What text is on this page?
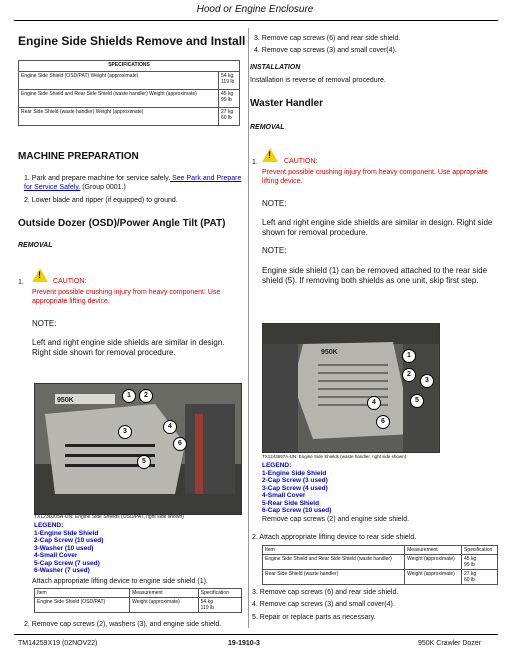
Hood or Engine Enclosure
Engine Side Shields Remove and Install
SPECIFICATIONS	
Engine Side Shield (OSD/PAT) Weight (approximate)	54 kg
119 lb
Engine Side Shield and Rear Side Shield (waste handler) Weight (approximate)	45 kg
99 lb
Rear Side Shield (waste handler) Weight (approximate)	27 kg
60 lb
MACHINE PREPARATION
1. Park and prepare machine for service safely. See Park and Prepare for Service Safely. (Group 0001.)
2. Lower blade and ripper (if equipped) to ground.
Outside Dozer (OSD)/Power Angle Tilt (PAT)
REMOVAL
1.
!
CAUTION:
Prevent possible crushing injury from heavy component. Use appropriate lifting device.
NOTE:
Left and right engine side shields are similar in design. Right side shown for removal procedure.
950K
1	2
3
4
5
6
TX1236005A-UN: Engine Side Shields (OSD/PAT, right side shown)
LEGEND:
1-Engine Side Shield
2-Cap Screw (10 used)
3-Washer (10 used)
4-Small Cover
5-Cap Screw (7 used)
6-Washer (7 used)
Attach appropriate lifting device to engine side shield (1).
Item	Measurement	Specification
Engine Side Shield (OSD/PAT)	Weight (approximate)	54 kg
119 lb
2. Remove cap screws (2), washers (3), and engine side shield.
3. Remove cap screws (6) and rear side shield.
4. Remove cap screws (3) and small cover(4).
INSTALLATION
Installation is reverse of removal procedure.
Waster Handler
REMOVAL
1.
!
CAUTION:
Prevent possible crushing injury from heavy component. Use appropriate lifting device.
NOTE:
Left and right engine side shields are similar in design. Right side shown for removal procedure.
NOTE:
Engine side shield (1) can be removed attached to the rear side shield (5). If removing both shields as one unit, skip first step.
950K	1
2
3
4	5
6
TX1243697A-UN: Engine Side Shields (waste handler, right side shown)
LEGEND:
1-Engine Side Shield
2-Cap Screw (3 used)
3-Cap Screw (4 used)
4-Small Cover
5-Rear Side Shield
6-Cap Screw (10 used)
Remove cap screws (2) and engine side shield.
2. Attach appropriate lifting device to rear side shield.
Item	Measurement	Specification
Engine Side Shield and Rear Side Shield (waste handler)	Weight (approximate)	45 kg
99 lb
Rear Side Shield (waste handler)	Weight (approximate)	27 kg
60 lb
3. Remove cap screws (6) and rear side shield.
4. Remove cap screws (3) and small cover(4).
5. Repair or replace parts as necessary.
TM14259X19 (02NOV22)	19-1910-3	950K Crawler Dozer
